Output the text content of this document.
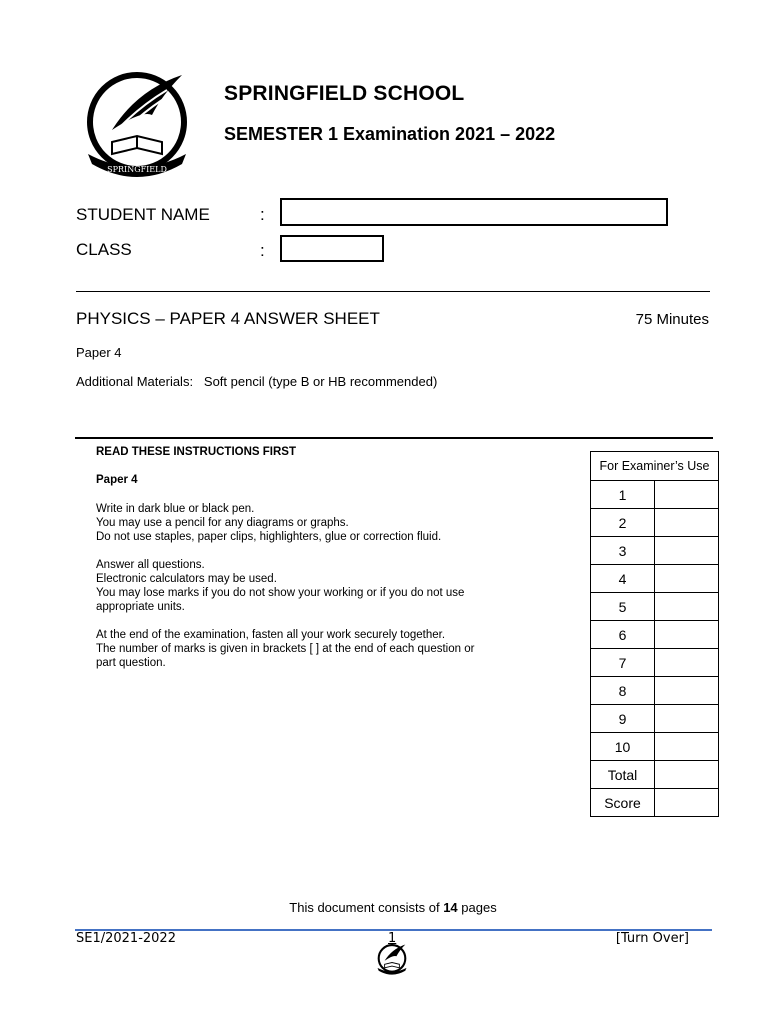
SPRINGFIELD
SPRINGFIELD SCHOOL
SEMESTER 1 Examination 2021 – 2022
STUDENT NAME	:
CLASS	:
PHYSICS – PAPER 4 ANSWER SHEET	75 Minutes
Paper 4
Additional Materials:   Soft pencil (type B or HB recommended)
READ THESE INSTRUCTIONS FIRST
Paper 4
Write in dark blue or black pen.
You may use a pencil for any diagrams or graphs.
Do not use staples, paper clips, highlighters, glue or correction fluid.
Answer all questions.
Electronic calculators may be used.
You may lose marks if you do not show your working or if you do not use
appropriate units.
At the end of the examination, fasten all your work securely together.
The number of marks is given in brackets [ ] at the end of each question or
part question.
For Examiner’s Use	
1	
2	
3	
4	
5	
6	
7	
8	
9	
10	
Total	
Score	
This document consists of 14 pages
SE1/2021-2022	1	[Turn Over]
